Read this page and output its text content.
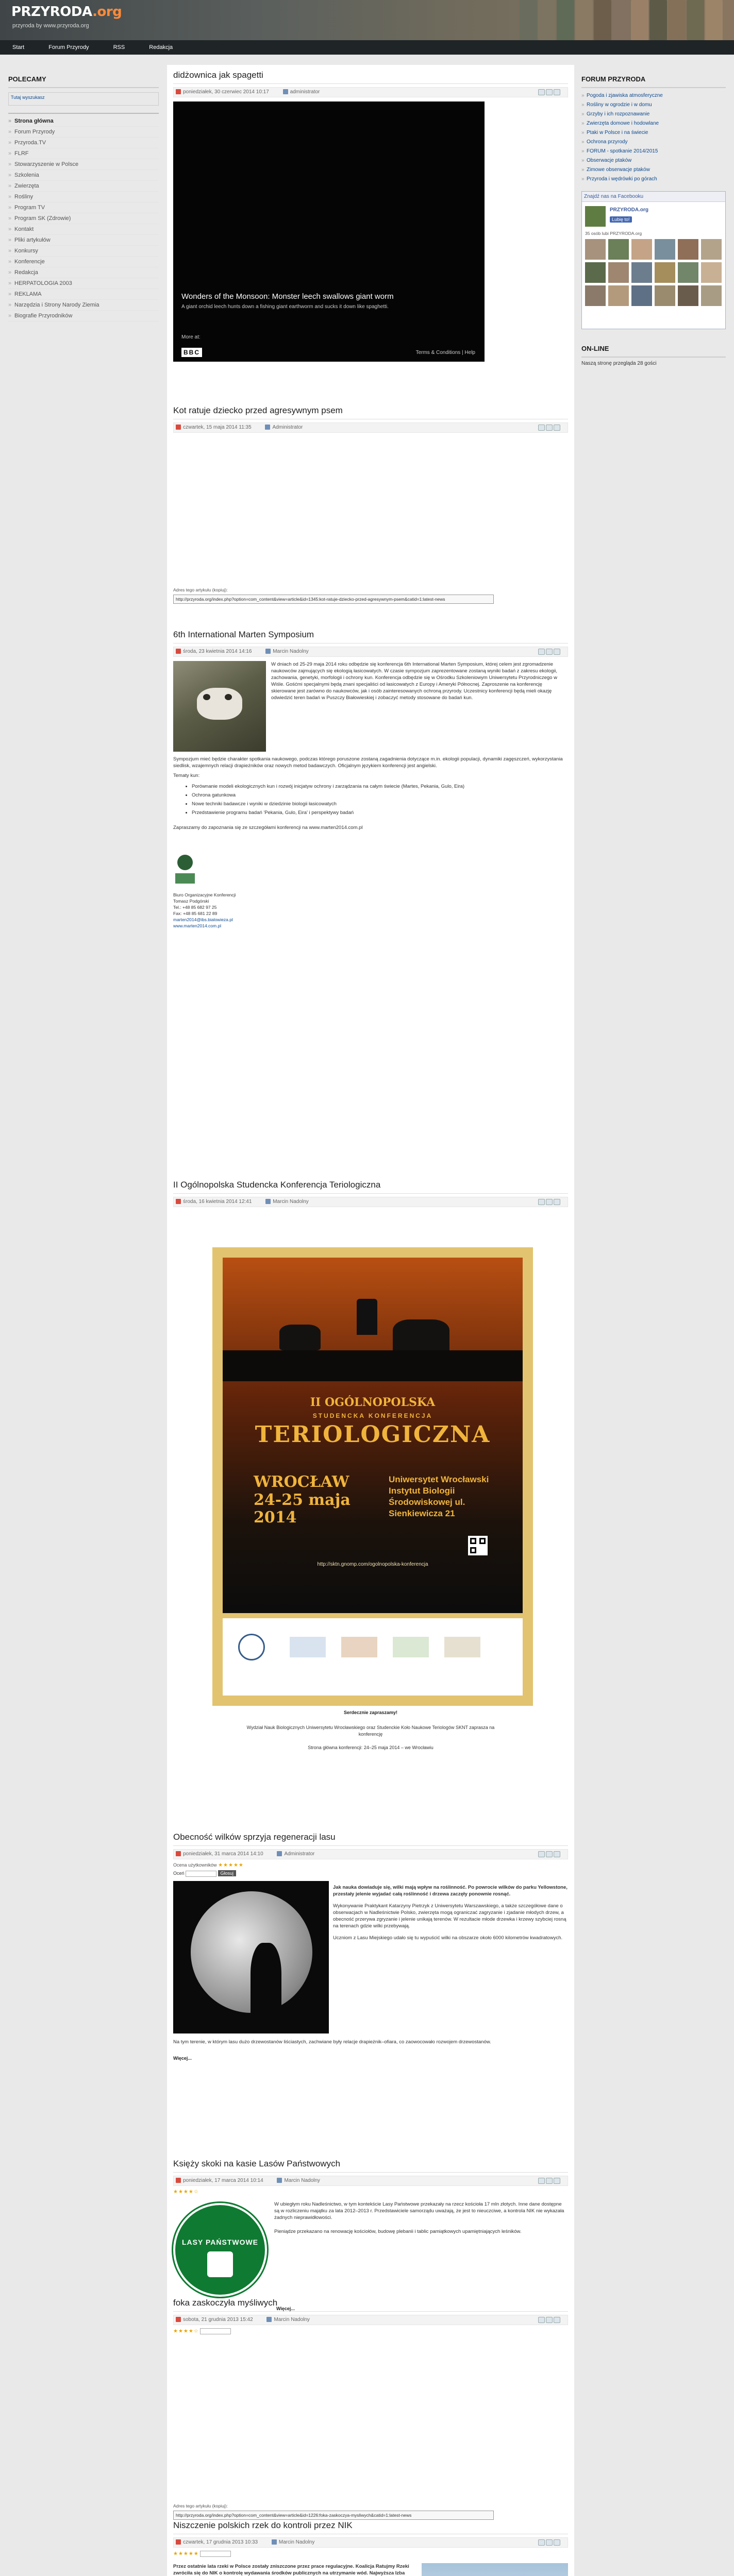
PRZYRODA.org
przyroda by www.przyroda.org
Start	Forum Przyrody	RSS	Redakcja
POLECAMY
Tutaj wyszukasz
» Strona główna
» Forum Przyrody
» Przyroda.TV
» FLRF
» Stowarzyszenie w Polsce
» Szkolenia
» Zwierzęta
» Rośliny
» Program TV
» Program SK (Zdrowie)
» Kontakt
» Pliki artykułów
» Konkursy
» Konferencje
» Redakcja
» HERPATOLOGIA 2003
» REKLAMA
» Narzędzia i Strony Narody Ziemia
» Biografie Przyrodników
didżownica jak spagetti
poniedziałek, 30 czerwiec 2014 10:17	administrator
Wonders of the Monsoon: Monster leech swallows giant worm
A giant orchid leech hunts down a fishing giant earthworm and sucks it down like spaghetti.
More at:
BBC	Terms & Conditions | Help
Kot ratuje dziecko przed agresywnym psem
czwartek, 15 maja 2014 11:35	Administrator
Adres tego artykułu (kopiuj):
http://przyroda.org/index.php?option=com_content&view=article&id=1345:kot-ratuje-dziecko-przed-agresywnym-psem&catid=1:latest-news
6th International Marten Symposium
środa, 23 kwietnia 2014 14:16	Marcin Nadolny
W dniach od 25-29 maja 2014 roku odbędzie się konferencja 6th International Marten Symposium, której celem jest zgromadzenie naukowców zajmujących się ekologią łasicowatych. W czasie sympozjum zaprezentowane zostaną wyniki badań z zakresu ekologii, zachowania, genetyki, morfologii i ochrony kun. Konferencja odbędzie się w Ośrodku Szkoleniowym Uniwersytetu Przyrodniczego w Wiśle. Gośćmi specjalnymi będą znani specjaliści od łasicowatych z Europy i Ameryki Północnej. Zaproszenie na konferencję skierowane jest zarówno do naukowców, jak i osób zainteresowanych ochroną przyrody. Uczestnicy konferencji będą mieli okazję odwiedzić teren badań w Puszczy Białowieskiej i zobaczyć metody stosowane do badań kun.
Sympozjum mieć będzie charakter spotkania naukowego, podczas którego poruszone zostaną zagadnienia dotyczące m.in. ekologii populacji, dynamiki zagęszczeń, wykorzystania siedlisk, wzajemnych relacji drapieżników oraz nowych metod badawczych. Oficjalnym językiem konferencji jest angielski.
Tematy kun:
• Porównanie modeli ekologicznych kun i rozwój inicjatyw ochrony i zarządzania na całym świecie (Martes, Pekania, Gulo, Eira)
• Ochrona gatunkowa
• Nowe techniki badawcze i wyniki w dziedzinie biologii łasicowatych
• Przedstawienie programu badań 'Pekania, Gulo, Eira' i perspektywy badań
Zapraszamy do zapoznania się ze szczegółami konferencji na www.marten2014.com.pl
Biuro Organizacyjne Konferencji
Tomasz Podgórski
Tel.: +48 85 682 97 25
Fax: +48 85 681 22 89
marten2014@ibs.bialowieza.pl
www.marten2014.com.pl
II Ogólnopolska Studencka Konferencja Teriologiczna
środa, 16 kwietnia 2014 12:41	Marcin Nadolny
II OGÓLNOPOLSKA
STUDENCKA KONFERENCJA
TERIOLOGICZNA
WROCŁAW
24-25 maja 2014
Uniwersytet Wrocławski Instytut Biologii Środowiskowej ul. Sienkiewicza 21
http://sktn.gnomp.com/ogolnopolska-konferencja
Serdecznie zapraszamy!
Wydział Nauk Biologicznych Uniwersytetu Wrocławskiego oraz Studenckie Koło Naukowe Teriologów SKNT zaprasza na konferencję
Strona główna konferencji: 24–25 maja 2014 – we Wrocławiu
Obecność wilków sprzyja regeneracji lasu
poniedziałek, 31 marca 2014 14:10	Administrator
Ocena użytkowników ★★★★★
Oceń	Głosuj
Jak nauka dowiaduje się, wilki mają wpływ na roślinność. Po powrocie wilków do parku Yellowstone, przestały jelenie wyjadać całą roślinność i drzewa zaczęły ponownie rosnąć.
Wykonywanie Praktykant Katarzyny Pietrzyk z Uniwersytetu Warszawskiego, a także szczegółowe dane o obserwacjach w Nadleśnictwie Polsko, zwierzęta mogą ograniczać zagryzanie i zjadanie młodych drzew, a obecność przerywa zgryzanie i jelenie unikają terenów. W rezultacie młode drzewka i krzewy szybciej rosną na terenach gdzie wilki przebywają.
Uczniom z Lasu Miejskiego udało się tu wypuścić wilki na obszarze około 6000 kilometrów kwadratowych.
Na tym terenie, w którym lasu dużo drzewostanów liściastych, zachwiane były relacje drapieżnik–ofiara, co zaowocowało rozwojem drzewostanów.
Więcej...
Księży skoki na kasie Lasów Państwowych
poniedziałek, 17 marca 2014 10:14	Marcin Nadolny
★★★★☆
LASY PAŃSTWOWE
W ubiegłym roku Nadleśnictwo, w tym kontekście Lasy Państwowe przekazały na rzecz kościoła 17 mln złotych. Inne dane dostępne są w rozliczeniu majątku za lata 2012–2013 r. Przedstawiciele samorządu uważają, że jest to nieuczciwe, a kontrola NIK nie wykazała żadnych nieprawidłowości.
Pieniądze przekazano na renowację kościołów, budowę plebanii i tablic pamiątkowych upamiętniających leśników.
Więcej...
foka zaskoczyła myśliwych
sobota, 21 grudnia 2013 15:42	Marcin Nadolny
★★★★☆
Adres tego artykułu (kopiuj):
http://przyroda.org/index.php?option=com_content&view=article&id=1226:foka-zaskoczya-mysliwych&catid=1:latest-news
Niszczenie polskich rzek do kontroli przez NIK
czwartek, 17 grudnia 2013 10:33	Marcin Nadolny
★★★★★
Przez ostatnie lata rzeki w Polsce zostały zniszczone przez prace regulacyjne. Koalicja Ratujmy Rzeki zwróciła się do NIK o kontrolę wydawania środków publicznych na utrzymanie wód. Najwyższa Izba

FORUM PRZYRODA
» Pogoda i zjawiska atmosferyczne
» Rośliny w ogrodzie i w domu
» Grzyby i ich rozpoznawanie
» Zwierzęta domowe i hodowlane
» Ptaki w Polsce i na świecie
» Ochrona przyrody
» FORUM - spotkanie 2014/2015
» Obserwacje ptaków
» Zimowe obserwacje ptaków
» Przyroda i wędrówki po górach
Znajdź nas na Facebooku
PRZYRODA.org
Lubię to!
35 osób lubi PRZYRODA.org
ON-LINE
Naszą stronę przegląda 28 gości
